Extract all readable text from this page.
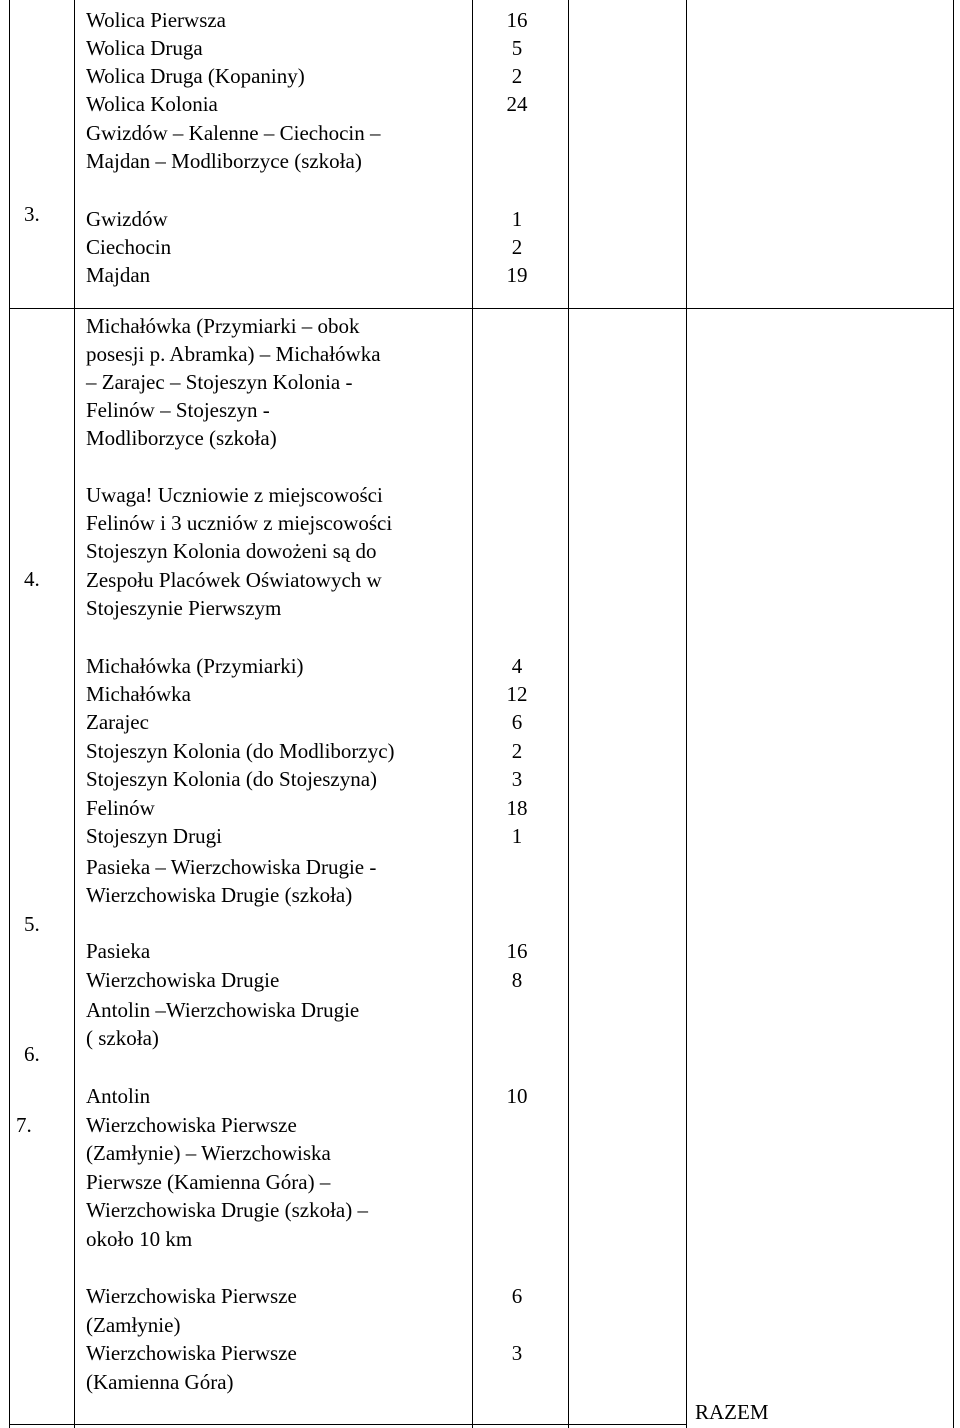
Wolica Pierwsza
Wolica Druga
Wolica Druga (Kopaniny)
Wolica Kolonia
16
5
2
24
3.
Gwizdów – Kalenne – Ciechocin –
Majdan – Modliborzyce (szkoła)
Gwizdów
Ciechocin
Majdan
1
2
19
4.
Michałówka (Przymiarki – obok
posesji p. Abramka) – Michałówka
– Zarajec – Stojeszyn Kolonia -
Felinów – Stojeszyn -
Modliborzyce (szkoła)
Uwaga! Uczniowie z miejscowości
Felinów i 3 uczniów z miejscowości
Stojeszyn Kolonia dowożeni są do
Zespołu Placówek Oświatowych w
Stojeszynie Pierwszym
Michałówka (Przymiarki)
Michałówka
Zarajec
Stojeszyn Kolonia (do Modliborzyc)
Stojeszyn Kolonia (do Stojeszyna)
Felinów
Stojeszyn Drugi
4
12
6
2
3
18
1
5.
Pasieka – Wierzchowiska Drugie -
Wierzchowiska Drugie (szkoła)
Pasieka
Wierzchowiska Drugie
16
8
6.
Antolin –Wierzchowiska Drugie
( szkoła)
Antolin	10
7.	Wierzchowiska Pierwsze
(Zamłynie) – Wierzchowiska
Pierwsze (Kamienna Góra) –
Wierzchowiska Drugie (szkoła) –
około 10 km
Wierzchowiska Pierwsze
(Zamłynie)
Wierzchowiska Pierwsze
(Kamienna Góra)
6
3
RAZEM
